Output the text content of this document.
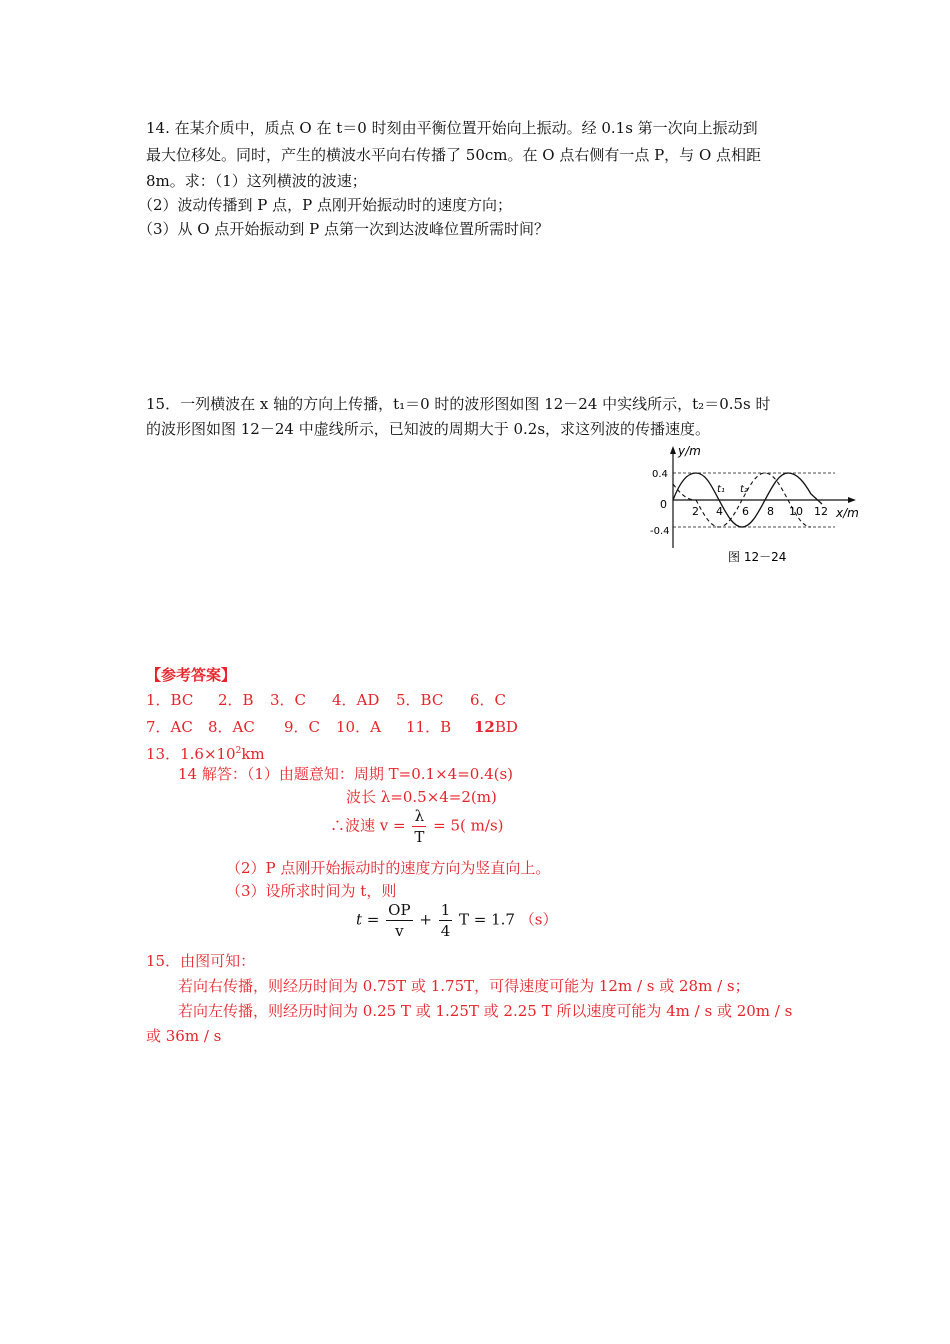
14. 在某介质中，质点 O 在 t＝0 时刻由平衡位置开始向上振动。经 0.1s 第一次向上振动到
最大位移处。同时，产生的横波水平向右传播了 50cm。在 O 点右侧有一点 P，与 O 点相距
8m。求：（1）这列横波的波速；
（2）波动传播到 P 点，P 点刚开始振动时的速度方向；
（3）从 O 点开始振动到 P 点第一次到达波峰位置所需时间？
15．一列横波在 x 轴的方向上传播，t₁＝0 时的波形图如图 12－24 中实线所示，t₂＝0.5s 时
的波形图如图 12－24 中虚线所示，已知波的周期大于 0.2s，求这列波的传播速度。
y/m
x/m
0.4
0
-0.4
2 4 6 8 10 12
t₁ t₂
图 12－24
【参考答案】
1．BC 2．B 3．C 4．AD 5．BC 6．C
7．AC 8．AC 9．C 10．A 11．B 12BD
13．$1.6\times 10^2km$
14 解答：（1）由题意知：周期 T=0.1×4=0.4(s)
波长 λ=0.5×4=2(m)
∴波速 $v = \frac{\lambda}{T} = 5$( m/s)
（2）P 点刚开始振动时的速度方向为竖直向上。
（3）设所求时间为 t，则
$t = \frac{OP}{v} + \frac{1}{4}$ T = 1.7 （s）
15．由图可知：
若向右传播，则经历时间为 0.75T 或 1.75T，可得速度可能为 12m / s 或 28m / s；
若向左传播，则经历时间为 0.25 T 或 1.25T 或 2.25 T 所以速度可能为 4m / s 或 20m / s
或 36m / s
